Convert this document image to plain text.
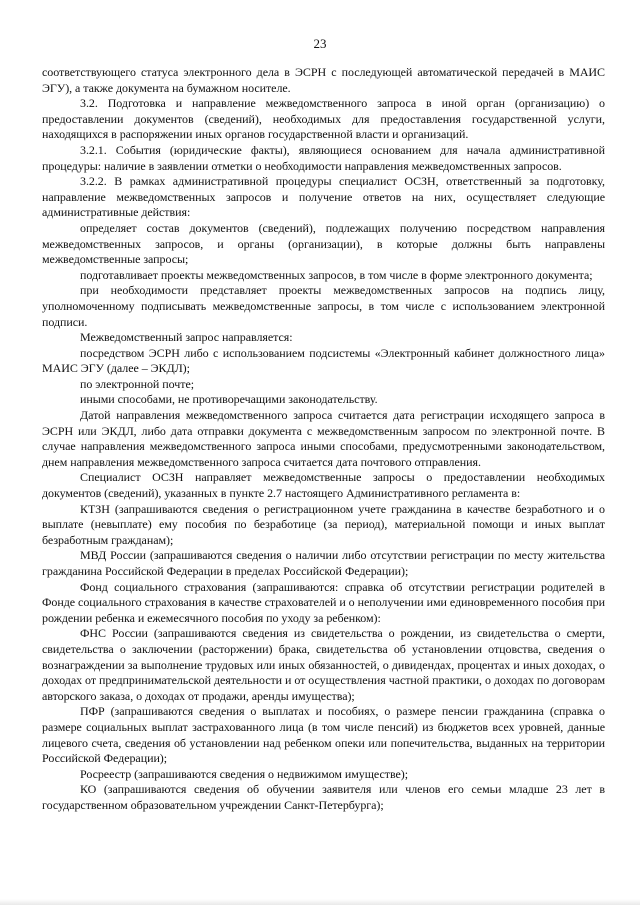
23

соответствующего статуса электронного дела в ЭСРН с последующей автоматической передачей в МАИС ЭГУ), а также документа на бумажном носителе.

3.2. Подготовка и направление межведомственного запроса в иной орган (организацию) о предоставлении документов (сведений), необходимых для предоставления государственной услуги, находящихся в распоряжении иных органов государственной власти и организаций.

3.2.1. События (юридические факты), являющиеся основанием для начала административной процедуры: наличие в заявлении отметки о необходимости направления межведомственных запросов.

3.2.2. В рамках административной процедуры специалист ОСЗН, ответственный за подготовку, направление межведомственных запросов и получение ответов на них, осуществляет следующие административные действия:

определяет состав документов (сведений), подлежащих получению посредством направления межведомственных запросов, и органы (организации), в которые должны быть направлены межведомственные запросы;

подготавливает проекты межведомственных запросов, в том числе в форме электронного документа;

при необходимости представляет проекты межведомственных запросов на подпись лицу, уполномоченному подписывать межведомственные запросы, в том числе с использованием электронной подписи.

Межведомственный запрос направляется:

посредством ЭСРН либо с использованием подсистемы «Электронный кабинет должностного лица» МАИС ЭГУ (далее – ЭКДЛ);

по электронной почте;

иными способами, не противоречащими законодательству.

Датой направления межведомственного запроса считается дата регистрации исходящего запроса в ЭСРН или ЭКДЛ, либо дата отправки документа с межведомственным запросом по электронной почте. В случае направления межведомственного запроса иными способами, предусмотренными законодательством, днем направления межведомственного запроса считается дата почтового отправления.

Специалист ОСЗН направляет межведомственные запросы о предоставлении необходимых документов (сведений), указанных в пункте 2.7 настоящего Административного регламента в:

КТЗН (запрашиваются сведения о регистрационном учете гражданина в качестве безработного и о выплате (невыплате) ему пособия по безработице (за период), материальной помощи и иных выплат безработным гражданам);

МВД России (запрашиваются сведения о наличии либо отсутствии регистрации по месту жительства гражданина Российской Федерации в пределах Российской Федерации);

Фонд социального страхования (запрашиваются: справка об отсутствии регистрации родителей в Фонде социального страхования в качестве страхователей и о неполучении ими единовременного пособия при рождении ребенка и ежемесячного пособия по уходу за ребенком):

ФНС России (запрашиваются сведения из свидетельства о рождении, из свидетельства о смерти, свидетельства о заключении (расторжении) брака, свидетельства об установлении отцовства, сведения о вознаграждении за выполнение трудовых или иных обязанностей, о дивидендах, процентах и иных доходах, о доходах от предпринимательской деятельности и от осуществления частной практики, о доходах по договорам авторского заказа, о доходах от продажи, аренды имущества);

ПФР (запрашиваются сведения о выплатах и пособиях, о размере пенсии гражданина (справка о размере социальных выплат застрахованного лица (в том числе пенсий) из бюджетов всех уровней, данные лицевого счета, сведения об установлении над ребенком опеки или попечительства, выданных на территории Российской Федерации);

Росреестр (запрашиваются сведения о недвижимом имуществе);

КО (запрашиваются сведения об обучении заявителя или членов его семьи младше 23 лет в государственном образовательном учреждении Санкт-Петербурга);
